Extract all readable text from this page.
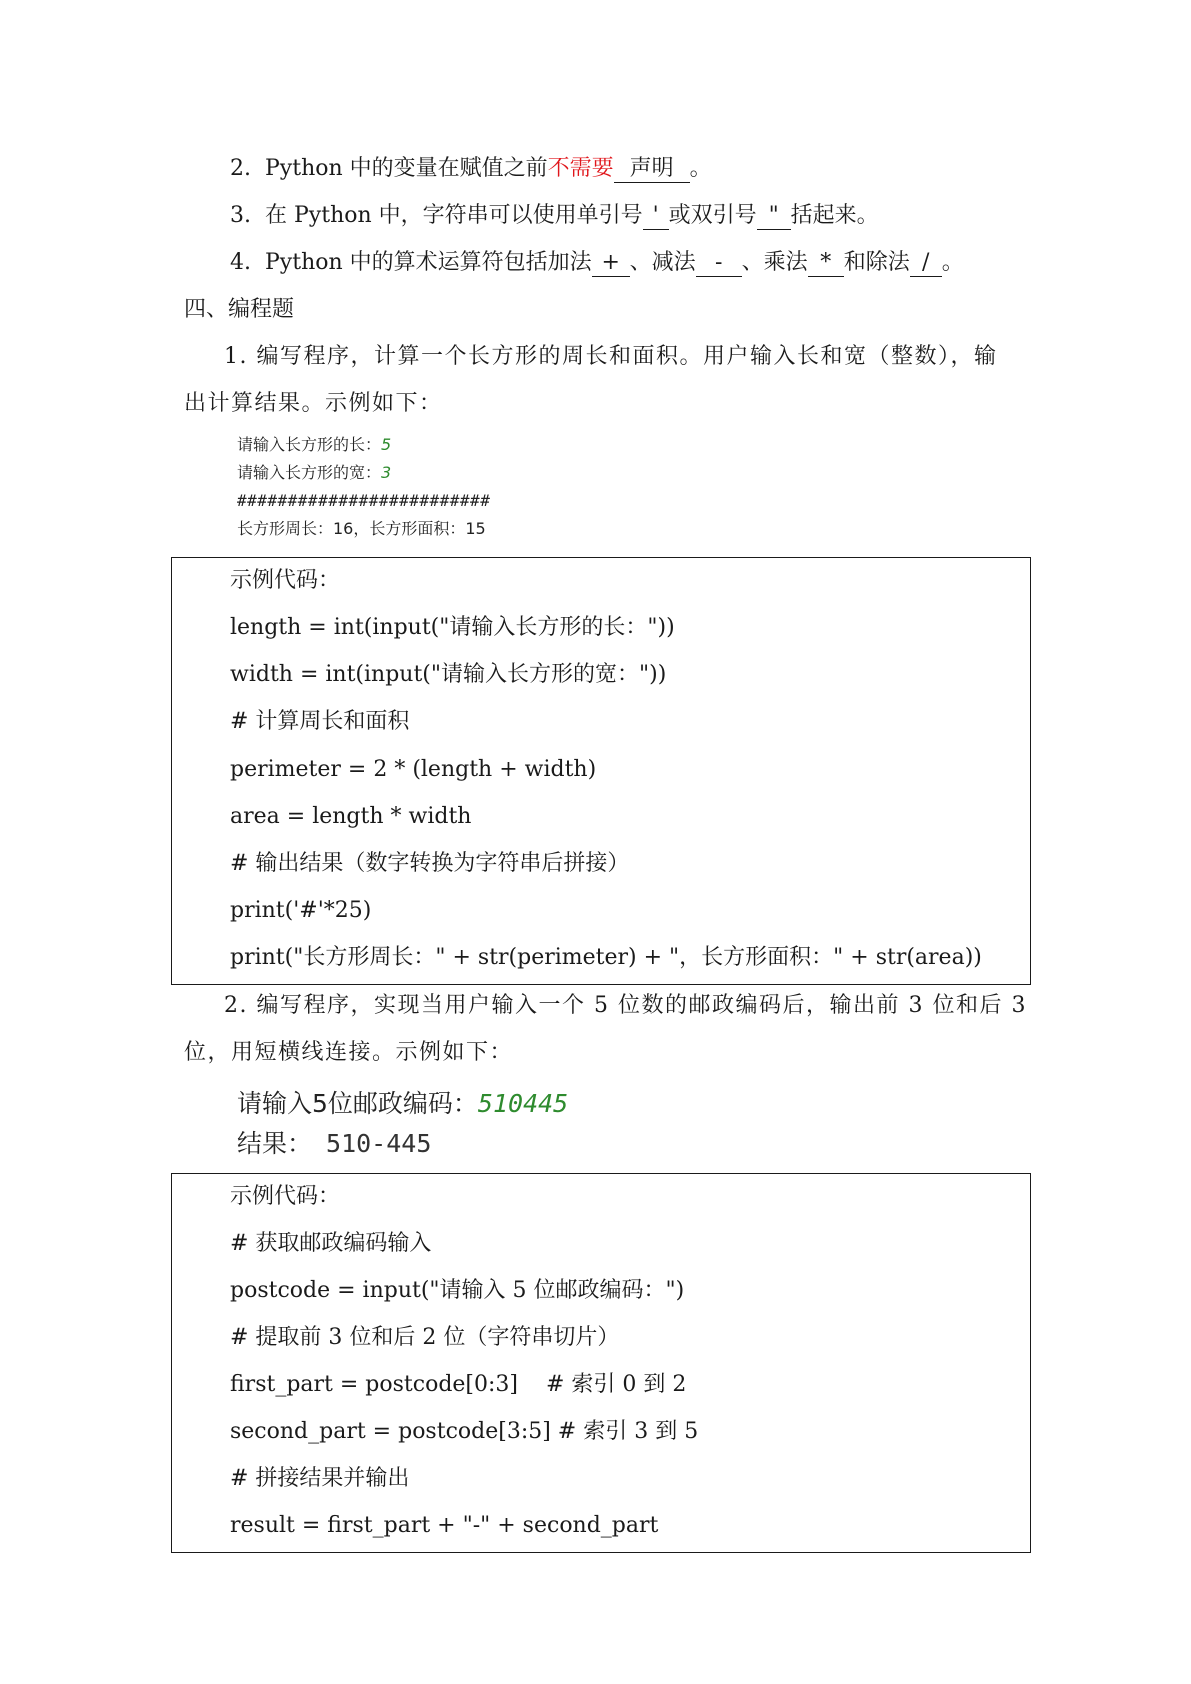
2. Python 中的变量在赋值之前不需要 声明 。
3. 在 Python 中，字符串可以使用单引号 ' 或双引号 " 括起来。
4. Python 中的算术运算符包括加法 + 、减法 - 、乘法 * 和除法 / 。
四、编程题
1. 编写程序，计算一个长方形的周长和面积。用户输入长和宽（整数），输
出计算结果。示例如下：
请输入长方形的长：5
请输入长方形的宽：3
#########################
长方形周长：16，长方形面积：15
示例代码：
length = int(input("请输入长方形的长："))
width = int(input("请输入长方形的宽："))
# 计算周长和面积
perimeter = 2 * (length + width)
area = length * width
# 输出结果（数字转换为字符串后拼接）
print('#'*25)
print("长方形周长：" + str(perimeter) + "，长方形面积：" + str(area))
2. 编写程序，实现当用户输入一个 5 位数的邮政编码后，输出前 3 位和后 3
位，用短横线连接。示例如下：
请输入5位邮政编码：510445
结果： 510-445
示例代码：
# 获取邮政编码输入
postcode = input("请输入 5 位邮政编码：")
# 提取前 3 位和后 2 位（字符串切片）
first_part = postcode[0:3]    # 索引 0 到 2
second_part = postcode[3:5] # 索引 3 到 5
# 拼接结果并输出
result = first_part + "-" + second_part
